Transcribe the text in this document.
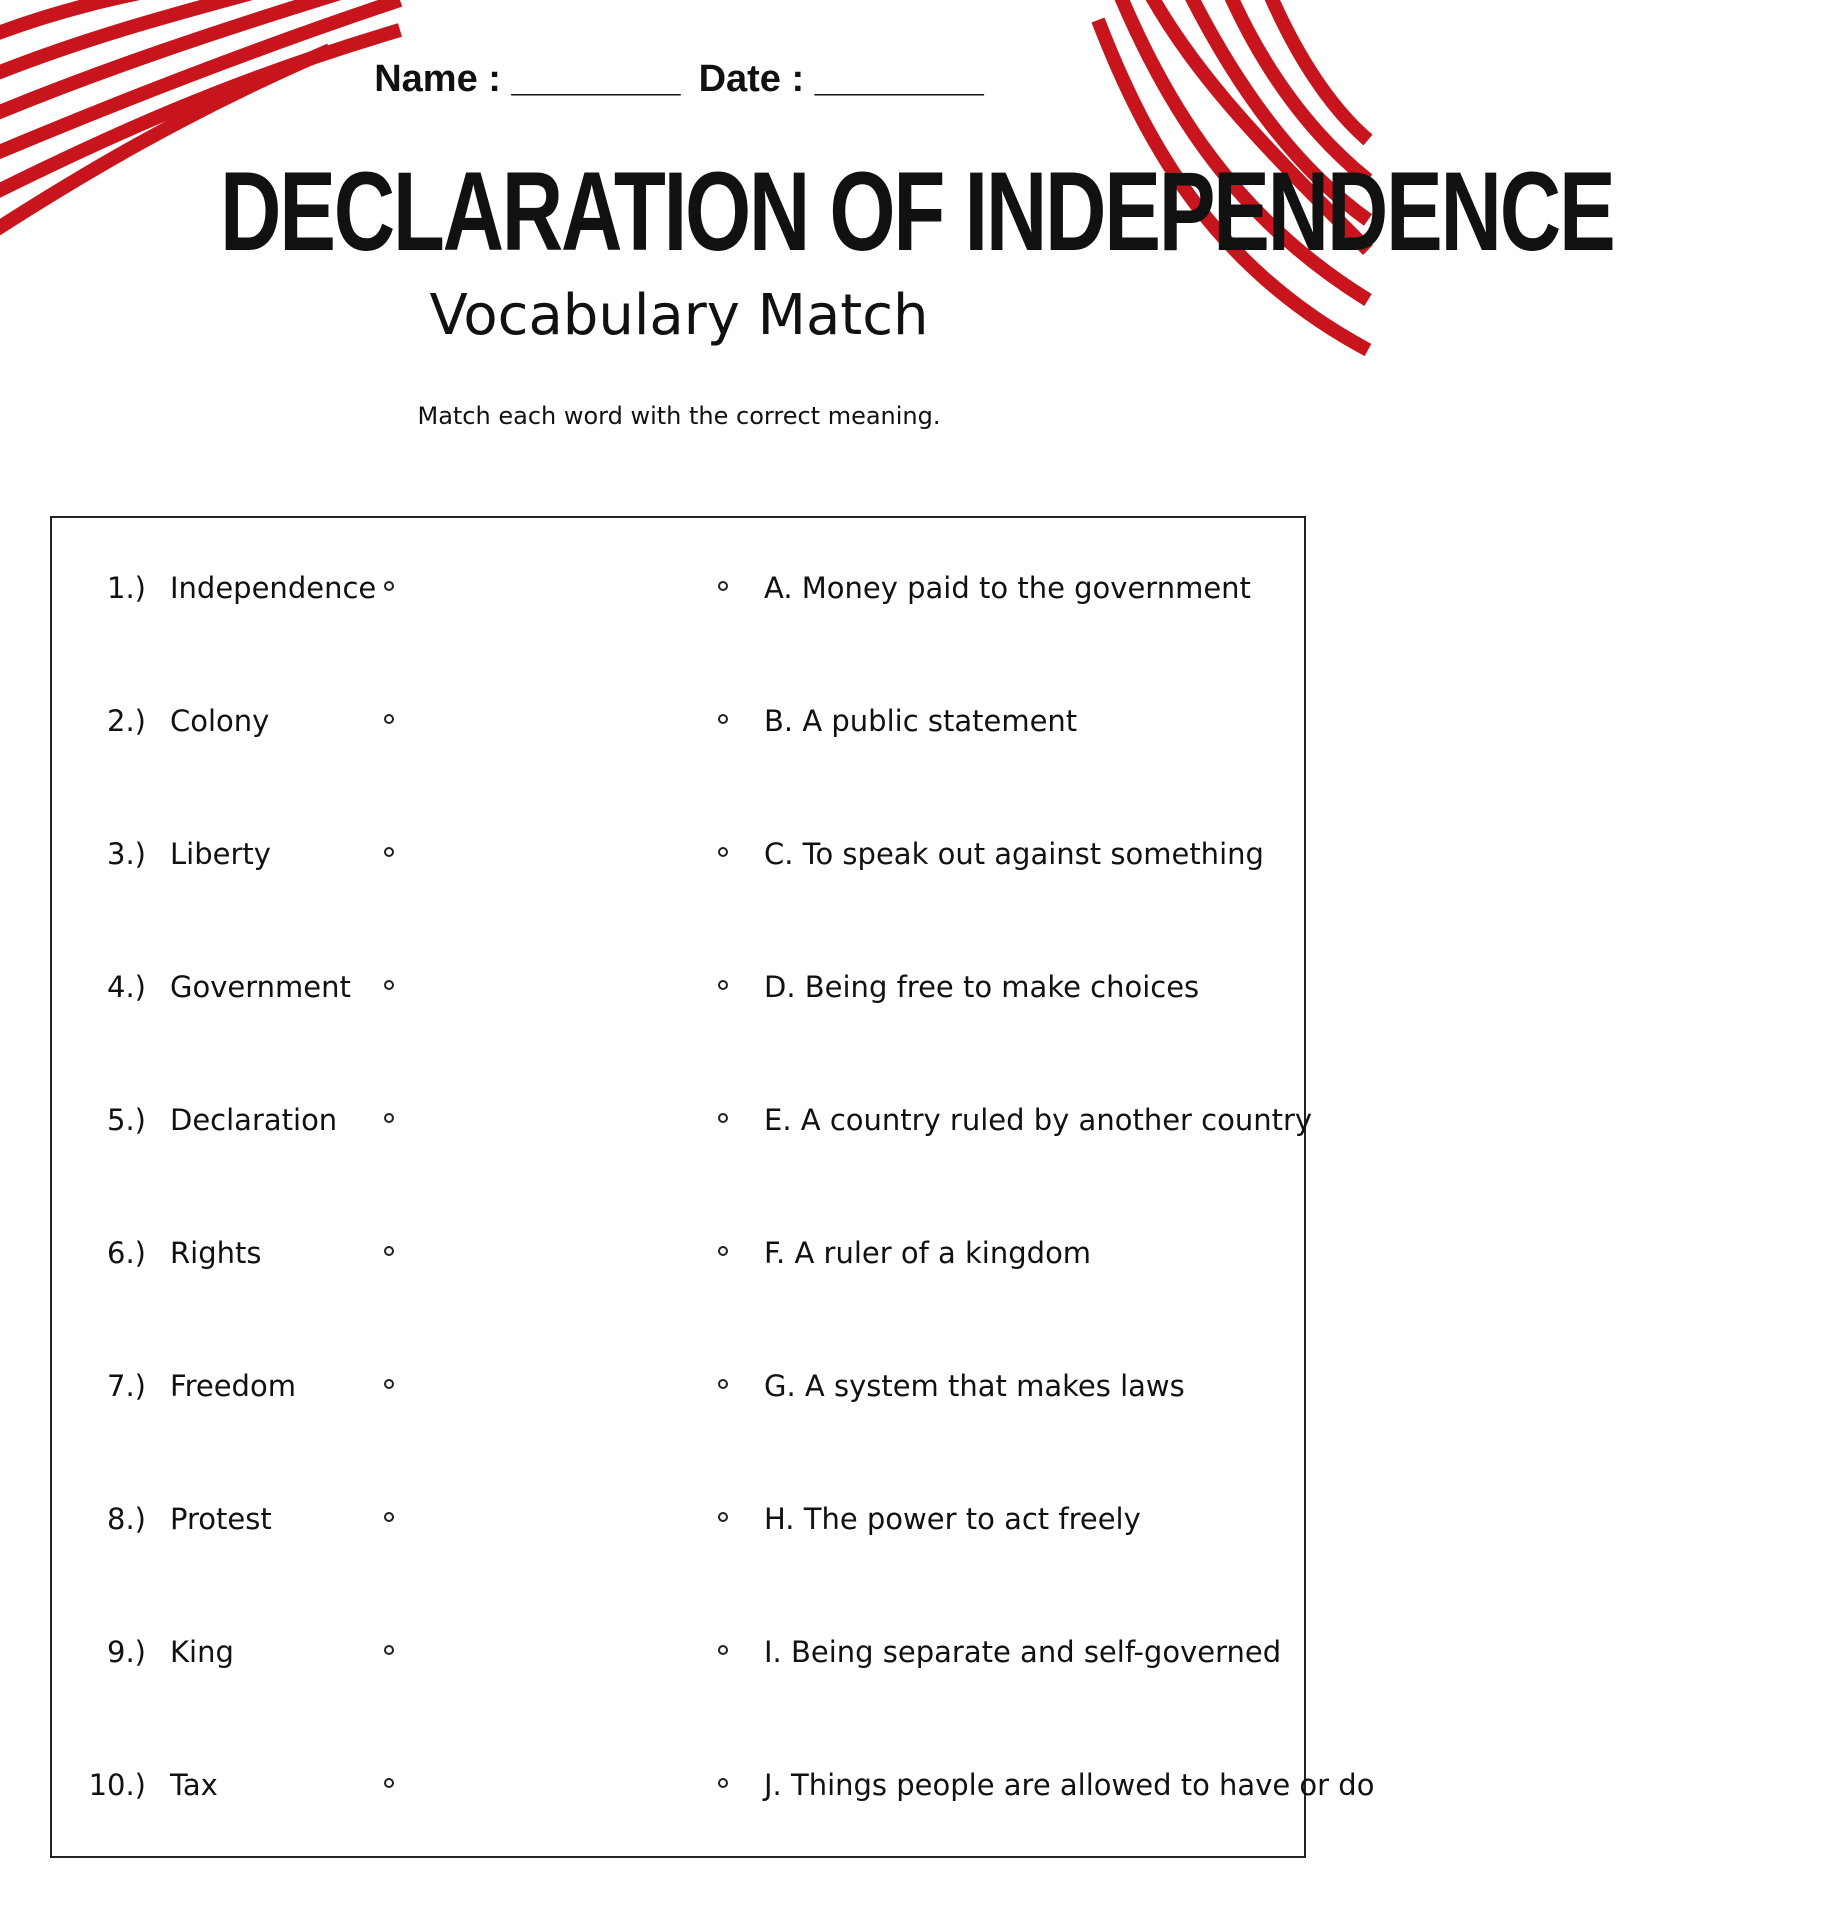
Name : ________ Date : ________
DECLARATION OF INDEPENDENCE
Vocabulary Match
Match each word with the correct meaning.
1.) Independence	A. Money paid to the government
2.) Colony	B. A public statement
3.) Liberty	C. To speak out against something
4.) Government	D. Being free to make choices
5.) Declaration	E. A country ruled by another country
6.) Rights	F. A ruler of a kingdom
7.) Freedom	G. A system that makes laws
8.) Protest	H. The power to act freely
9.) King	I. Being separate and self-governed
10.) Tax	J. Things people are allowed to have or do
